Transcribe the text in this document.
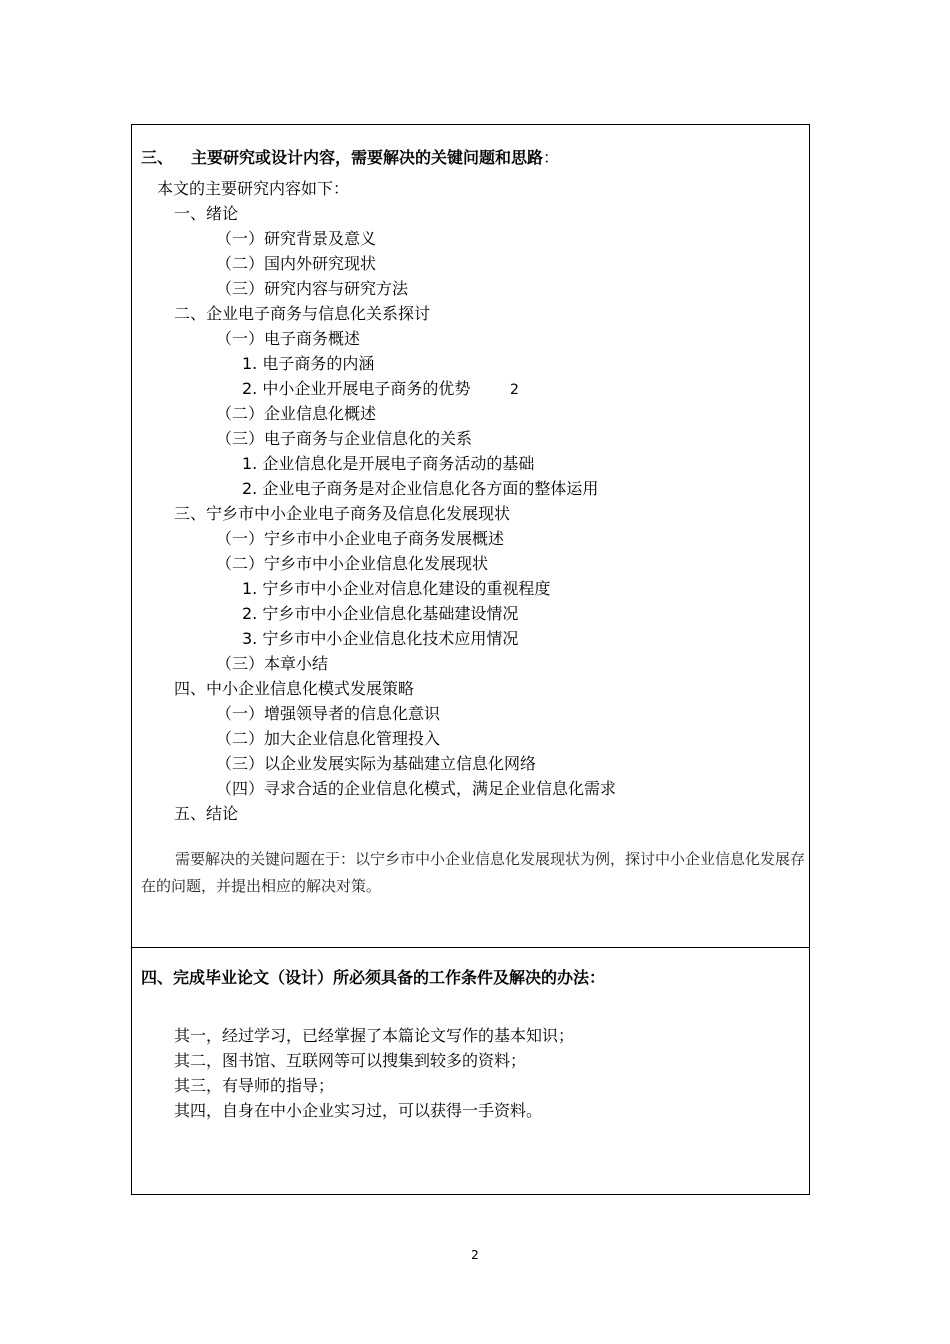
三、 主要研究或设计内容，需要解决的关键问题和思路：
本文的主要研究内容如下：
一、绪论
（一）研究背景及意义
（二）国内外研究现状
（三）研究内容与研究方法
二、企业电子商务与信息化关系探讨
（一）电子商务概述
1. 电子商务的内涵
2. 中小企业开展电子商务的优势	2
（二）企业信息化概述
（三）电子商务与企业信息化的关系
1. 企业信息化是开展电子商务活动的基础
2. 企业电子商务是对企业信息化各方面的整体运用
三、宁乡市中小企业电子商务及信息化发展现状
（一）宁乡市中小企业电子商务发展概述
（二）宁乡市中小企业信息化发展现状
1. 宁乡市中小企业对信息化建设的重视程度
2. 宁乡市中小企业信息化基础建设情况
3. 宁乡市中小企业信息化技术应用情况
（三）本章小结
四、中小企业信息化模式发展策略
（一）增强领导者的信息化意识
（二）加大企业信息化管理投入
（三）以企业发展实际为基础建立信息化网络
（四）寻求合适的企业信息化模式，满足企业信息化需求
五、结论
需要解决的关键问题在于：以宁乡市中小企业信息化发展现状为例，探讨中小企业信息化发展存在的问题，并提出相应的解决对策。
四、完成毕业论文（设计）所必须具备的工作条件及解决的办法：
其一，经过学习，已经掌握了本篇论文写作的基本知识；
其二，图书馆、互联网等可以搜集到较多的资料；
其三，有导师的指导；
其四，自身在中小企业实习过，可以获得一手资料。
2
